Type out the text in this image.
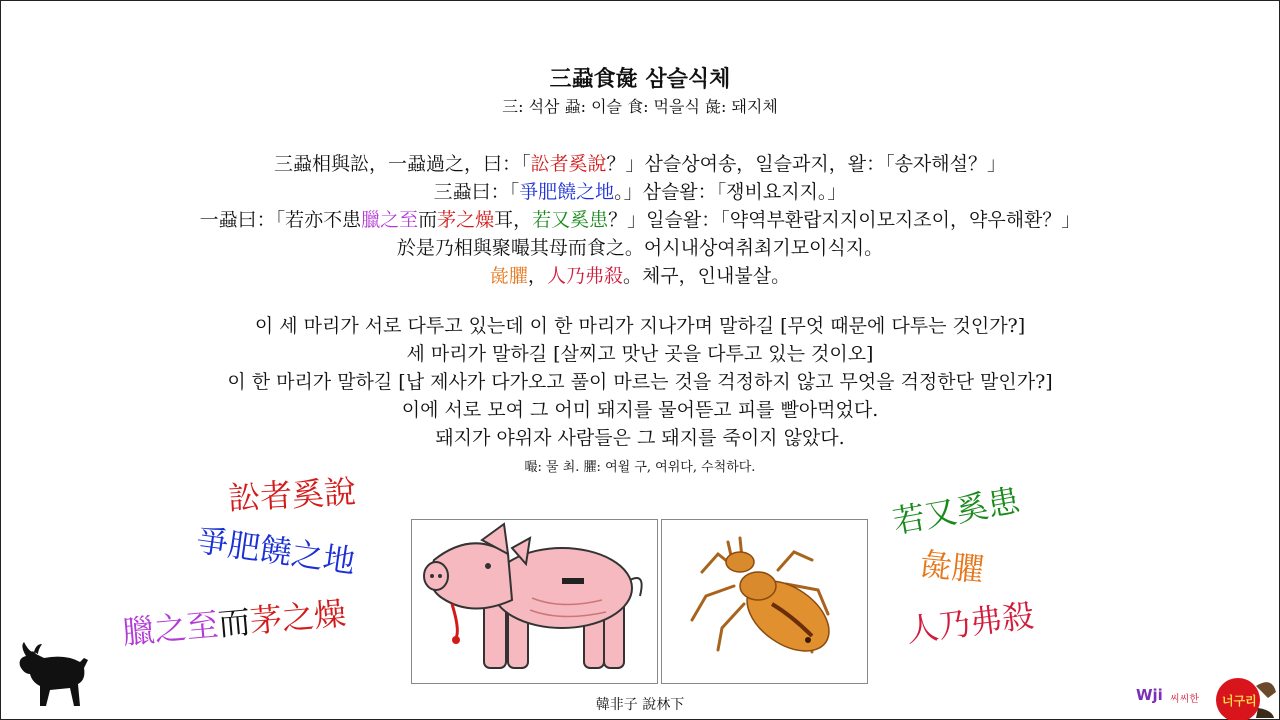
三蝨食彘 삼슬식체
三: 석삼 蝨: 이슬 食: 먹을식 彘: 돼지체
三蝨相與訟，一蝨過之，曰：「訟者奚說？」삼슬상여송，일슬과지，왈：「송자해설？」
三蝨曰：「爭肥饒之地。」삼슬왈：「쟁비요지지。」
一蝨曰：「若亦不患臘之至而茅之燥耳，若又奚患？」일슬왈：「약역부환랍지지이모지조이，약우해환？」
於是乃相與聚嘬其母而食之。어시내상여취최기모이식지。
彘臞，人乃弗殺。체구，인내불살。
이 세 마리가 서로 다투고 있는데 이 한 마리가 지나가며 말하길 [무엇 때문에 다투는 것인가?]
세 마리가 말하길 [살찌고 맛난 곳을 다투고 있는 것이오]
이 한 마리가 말하길 [납 제사가 다가오고 풀이 마르는 것을 걱정하지 않고 무엇을 걱정한단 말인가?]
이에 서로 모여 그 어미 돼지를 물어뜯고 피를 빨아먹었다.
돼지가 야위자 사람들은 그 돼지를 죽이지 않았다.
嘬: 물 최. 臞: 여윌 구, 여위다, 수척하다.
訟者奚說
爭肥饒之地
臘之至而茅之燥
若又奚患
彘臞
人乃弗殺
韓非子 說林下
Wji 씨씨한 너구리
